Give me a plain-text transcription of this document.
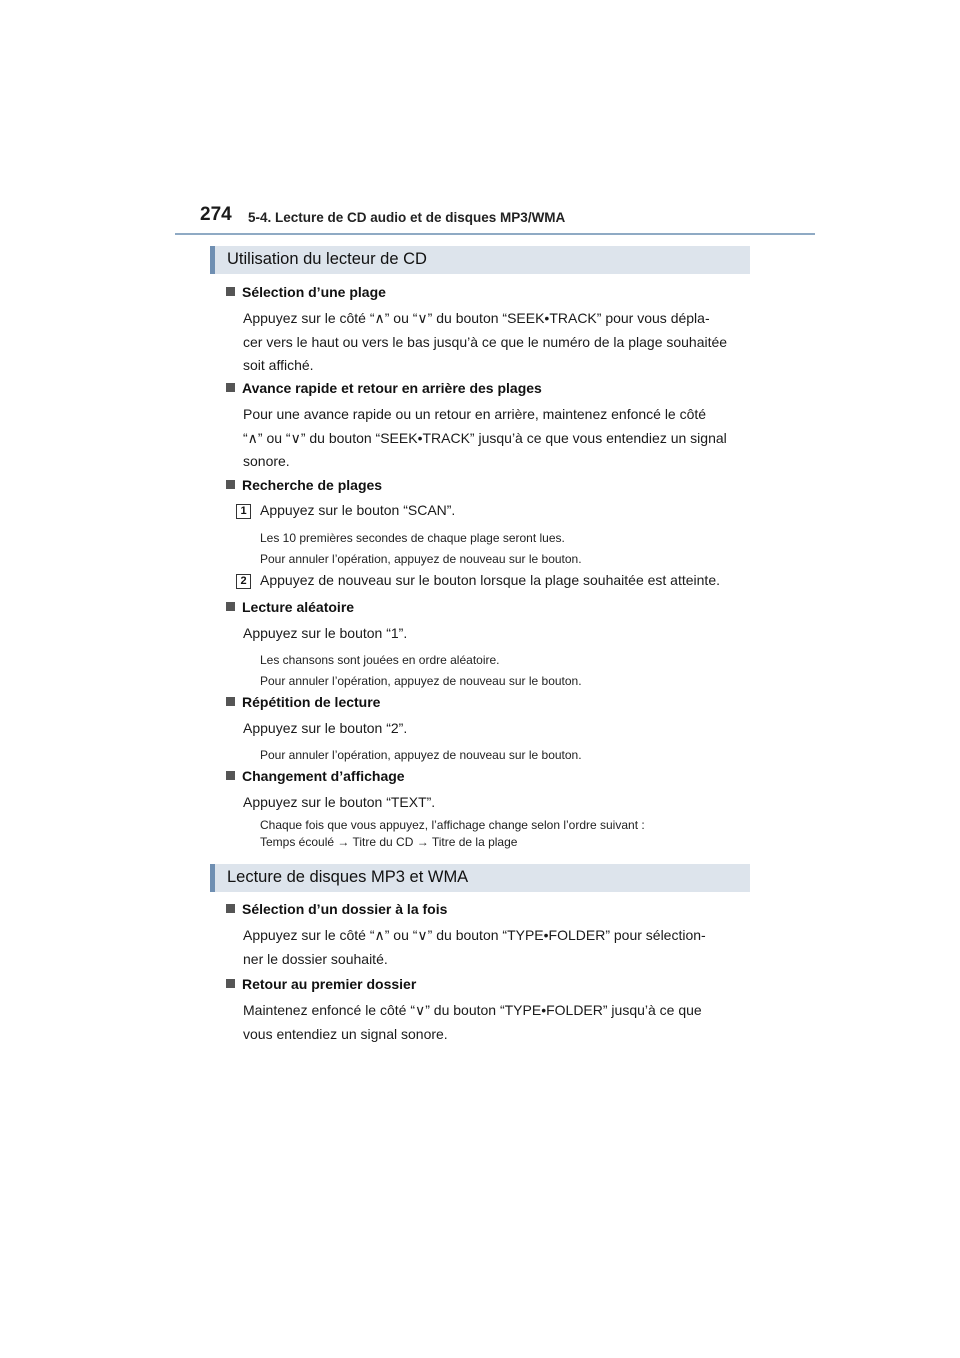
274 5-4. Lecture de CD audio et de disques MP3/WMA
Utilisation du lecteur de CD
Sélection d’une plage
Appuyez sur le côté “∧” ou “∨” du bouton “SEEK•TRACK” pour vous dépla-
cer vers le haut ou vers le bas jusqu’à ce que le numéro de la plage souhaitée
soit affiché.
Avance rapide et retour en arrière des plages
Pour une avance rapide ou un retour en arrière, maintenez enfoncé le côté
“∧” ou “∨” du bouton “SEEK•TRACK” jusqu’à ce que vous entendiez un signal
sonore.
Recherche de plages
1 Appuyez sur le bouton “SCAN”.
Les 10 premières secondes de chaque plage seront lues.
Pour annuler l’opération, appuyez de nouveau sur le bouton.
2 Appuyez de nouveau sur le bouton lorsque la plage souhaitée est atteinte.
Lecture aléatoire
Appuyez sur le bouton “1”.
Les chansons sont jouées en ordre aléatoire.
Pour annuler l’opération, appuyez de nouveau sur le bouton.
Répétition de lecture
Appuyez sur le bouton “2”.
Pour annuler l’opération, appuyez de nouveau sur le bouton.
Changement d’affichage
Appuyez sur le bouton “TEXT”.
Chaque fois que vous appuyez, l’affichage change selon l’ordre suivant :
Temps écoulé → Titre du CD → Titre de la plage
Lecture de disques MP3 et WMA
Sélection d’un dossier à la fois
Appuyez sur le côté “∧” ou “∨” du bouton “TYPE•FOLDER” pour sélection-
ner le dossier souhaité.
Retour au premier dossier
Maintenez enfoncé le côté “∨” du bouton “TYPE•FOLDER” jusqu’à ce que
vous entendiez un signal sonore.
